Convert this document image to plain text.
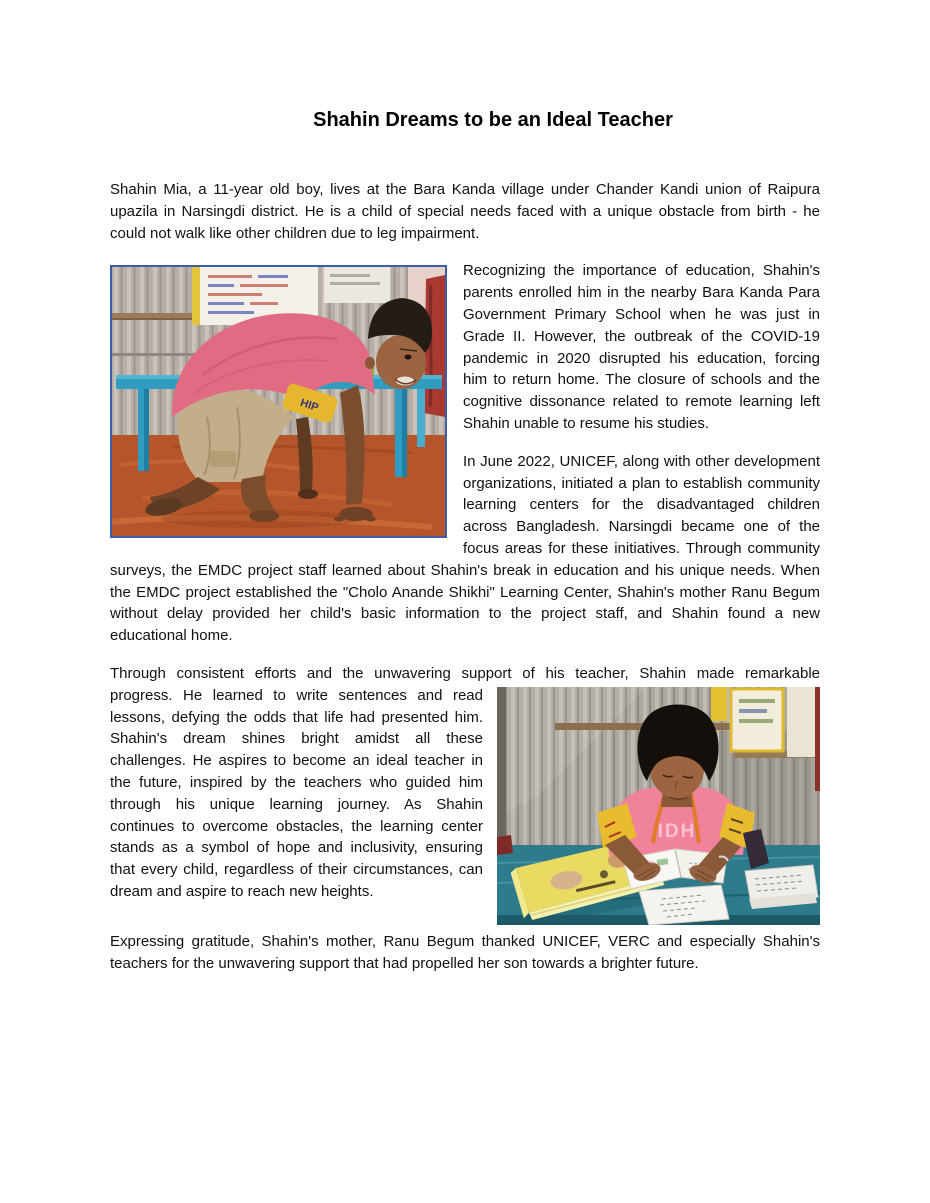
Shahin Dreams to be an Ideal Teacher

Shahin Mia, a 11-year old boy, lives at the Bara Kanda village under Chander Kandi union of Raipura upazila in Narsingdi district. He is a child of special needs faced with a unique obstacle from birth - he could not walk like other children due to leg impairment.

HIP

Recognizing the importance of education, Shahin's parents enrolled him in the nearby Bara Kanda Para Government Primary School when he was just in Grade II. However, the outbreak of the COVID-19 pandemic in 2020 disrupted his education, forcing him to return home. The closure of schools and the cognitive dissonance related to remote learning left Shahin unable to resume his studies.

In June 2022, UNICEF, along with other development organizations, initiated a plan to establish community learning centers for the disadvantaged children across Bangladesh. Narsingdi became one of the focus areas for these initiatives. Through community surveys, the EMDC project staff learned about Shahin's break in education and his unique needs. When the EMDC project established the "Cholo Anande Shikhi" Learning Center, Shahin's mother Ranu Begum without delay provided her child's basic information to the project staff, and Shahin found a new educational home.

Through consistent efforts and the unwavering support of his teacher, Shahin made remarkable

IDH

progress. He learned to write sentences and read lessons, defying the odds that life had presented him. Shahin's dream shines bright amidst all these challenges. He aspires to become an ideal teacher in the future, inspired by the teachers who guided him through his unique learning journey. As Shahin continues to overcome obstacles, the learning center stands as a symbol of hope and inclusivity, ensuring that every child, regardless of their circumstances, can dream and aspire to reach new heights.

Expressing gratitude, Shahin's mother, Ranu Begum thanked UNICEF, VERC and especially Shahin's teachers for the unwavering support that had propelled her son towards a brighter future.
